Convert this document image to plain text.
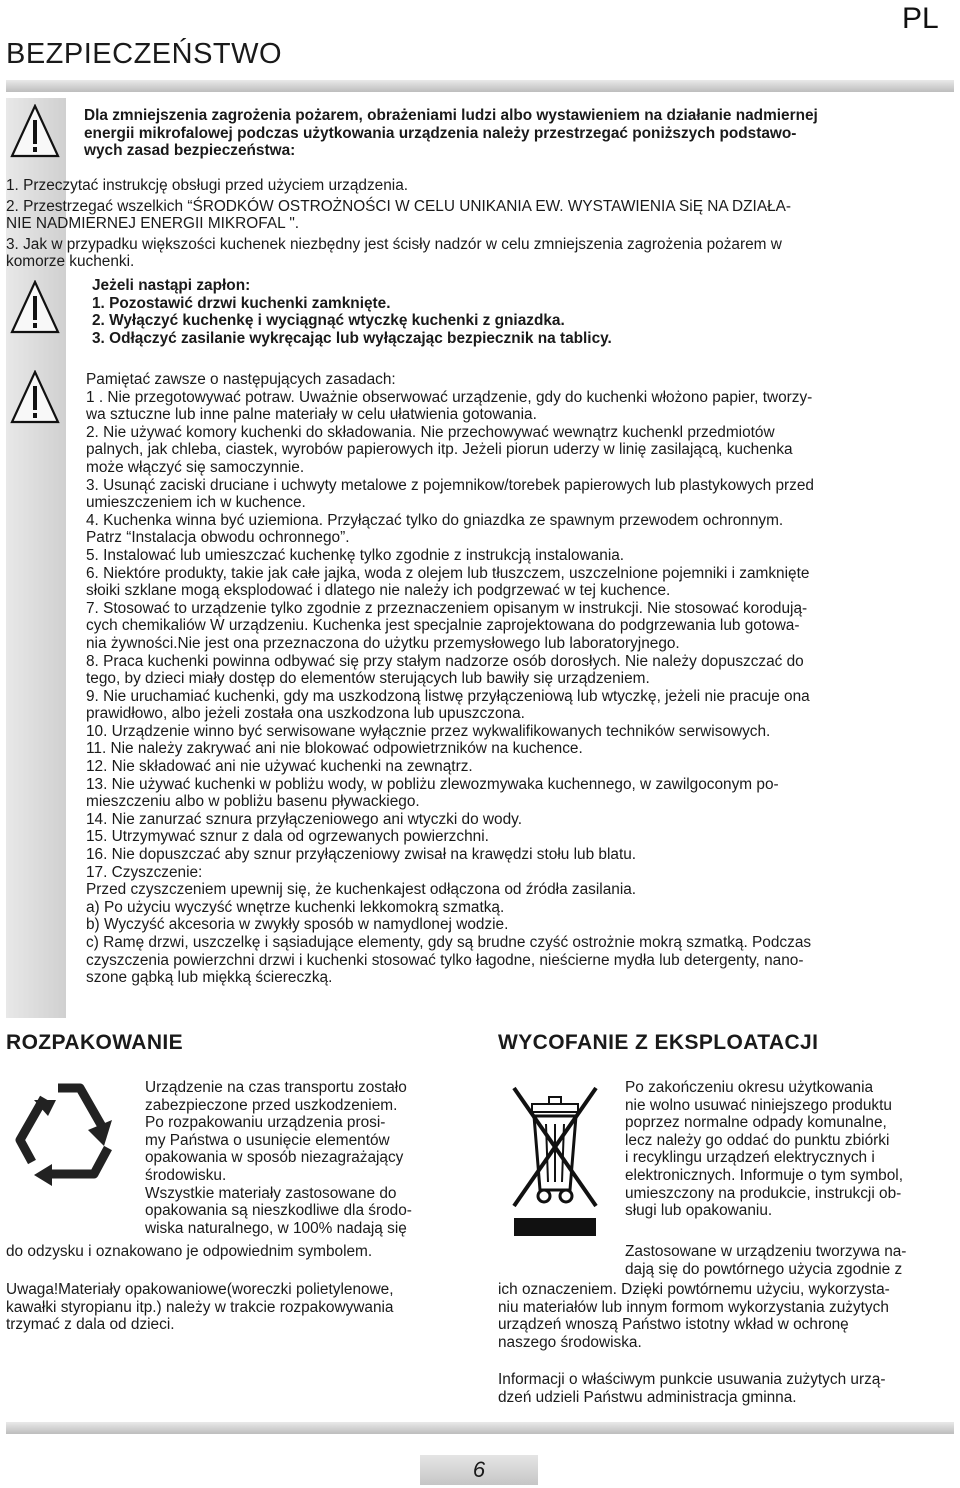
PL
BEZPIECZEŃSTWO
Dla zmniejszenia zagrożenia pożarem, obrażeniami ludzi albo wystawieniem na działanie nadmiernej
energii mikrofalowej podczas użytkowania urządzenia należy przestrzegać poniższych podstawo-
wych zasad bezpieczeństwa:
1. Przeczytać instrukcję obsługi przed użyciem urządzenia.
2. Przestrzegać wszelkich “ŚRODKÓW OSTROŻNOŚCI W CELU UNIKANIA EW. WYSTAWIENIA SiĘ NA DZIAŁA-
NIE NADMIERNEJ ENERGII MIKROFAL ".
3. Jak w przypadku większości kuchenek niezbędny jest ścisły nadzór w celu zmniejszenia zagrożenia pożarem w
komorze kuchenki.
Jeżeli nastąpi zapłon:
1. Pozostawić drzwi kuchenki zamknięte.
2. Wyłączyć kuchenkę i wyciągnąć wtyczkę kuchenki z gniazdka.
3. Odłączyć zasilanie wykręcając lub wyłączając bezpiecznik na tablicy.
Pamiętać zawsze o następujących zasadach:
1 . Nie przegotowywać potraw. Uważnie obserwować urządzenie, gdy do kuchenki włożono papier, tworzy-
wa sztuczne lub inne palne materiały w celu ułatwienia gotowania.
2. Nie używać komory kuchenki do składowania. Nie przechowywać wewnątrz kuchenkl przedmiotów
palnych, jak chleba, ciastek, wyrobów papierowych itp. Jeżeli piorun uderzy w linię zasilającą, kuchenka
może włączyć się samoczynnie.
3. Usunąć zaciski druciane i uchwyty metalowe z pojemnikow/torebek papierowych lub plastykowych przed
umieszczeniem ich w kuchence.
4. Kuchenka winna być uziemiona. Przyłączać tylko do gniazdka ze spawnym przewodem ochronnym.
Patrz “Instalacja obwodu ochronnego”.
5. Instalować lub umieszczać kuchenkę tylko zgodnie z instrukcją instalowania.
6. Niektóre produkty, takie jak całe jajka, woda z olejem lub tłuszczem, uszczelnione pojemniki i zamknięte
słoiki szklane mogą eksplodować i dlatego nie należy ich podgrzewać w tej kuchence.
7. Stosować to urządzenie tylko zgodnie z przeznaczeniem opisanym w instrukcji. Nie stosować korodują-
cych chemikaliów W urządzeniu. Kuchenka jest specjalnie zaprojektowana do podgrzewania lub gotowa-
nia żywności.Nie jest ona przeznaczona do użytku przemysłowego lub laboratoryjnego.
8. Praca kuchenki powinna odbywać się przy stałym nadzorze osób dorosłych. Nie należy dopuszczać do
tego, by dzieci miały dostęp do elementów sterujących lub bawiły się urządzeniem.
9. Nie uruchamiać kuchenki, gdy ma uszkodzoną listwę przyłączeniową lub wtyczkę, jeżeli nie pracuje ona
prawidłowo, albo jeżeli została ona uszkodzona lub upuszczona.
10. Urządzenie winno być serwisowane wyłącznie przez wykwalifikowanych techników serwisowych.
11. Nie należy zakrywać ani nie blokować odpowietrzników na kuchence.
12. Nie składować ani nie używać kuchenki na zewnątrz.
13. Nie używać kuchenki w pobliżu wody, w pobliżu zlewozmywaka kuchennego, w zawilgoconym po-
mieszczeniu albo w pobliżu basenu pływackiego.
14. Nie zanurzać sznura przyłączeniowego ani wtyczki do wody.
15. Utrzymywać sznur z dala od ogrzewanych powierzchni.
16. Nie dopuszczać aby sznur przyłączeniowy zwisał na krawędzi stołu lub blatu.
17. Czyszczenie:
Przed czyszczeniem upewnij się, że kuchenkajest odłączona od źródła zasilania.
a) Po użyciu wyczyść wnętrze kuchenki lekkomokrą szmatką.
b) Wyczyść akcesoria w zwykły sposób w namydlonej wodzie.
c) Ramę drzwi, uszczelkę i sąsiadujące elementy, gdy są brudne czyść ostrożnie mokrą szmatką. Podczas
czyszczenia powierzchni drzwi i kuchenki stosować tylko łagodne, nieścierne mydła lub detergenty, nano-
szone gąbką lub miękką ściereczką.
ROZPAKOWANIE
Urządzenie na czas transportu zostało
zabezpieczone przed uszkodzeniem.
Po rozpakowaniu urządzenia prosi-
my Państwa o usunięcie elementów
opakowania w sposób niezagrażający
środowisku.
Wszystkie materiały zastosowane do
opakowania są nieszkodliwe dla środo-
wiska naturalnego, w 100% nadają się
do odzysku i oznakowano je odpowiednim symbolem.
Uwaga!Materiały opakowaniowe(woreczki polietylenowe,
kawałki styropianu itp.) należy w trakcie rozpakowywania
trzymać z dala od dzieci.
WYCOFANIE Z EKSPLOATACJI
Po zakończeniu okresu użytkowania
nie wolno usuwać niniejszego produktu
poprzez normalne odpady komunalne,
lecz należy go oddać do punktu zbiórki
i recyklingu urządzeń elektrycznych i
elektronicznych. Informuje o tym symbol,
umieszczony na produkcie, instrukcji ob-
sługi lub opakowaniu.
Zastosowane w urządzeniu tworzywa na-
dają się do powtórnego użycia zgodnie z
ich oznaczeniem. Dzięki powtórnemu użyciu, wykorzysta-
niu materiałów lub innym formom wykorzystania zużytych
urządzeń wnoszą Państwo istotny wkład w ochronę
naszego środowiska.
Informacji o właściwym punkcie usuwania zużytych urzą-
dzeń udzieli Państwu administracja gminna.
6
